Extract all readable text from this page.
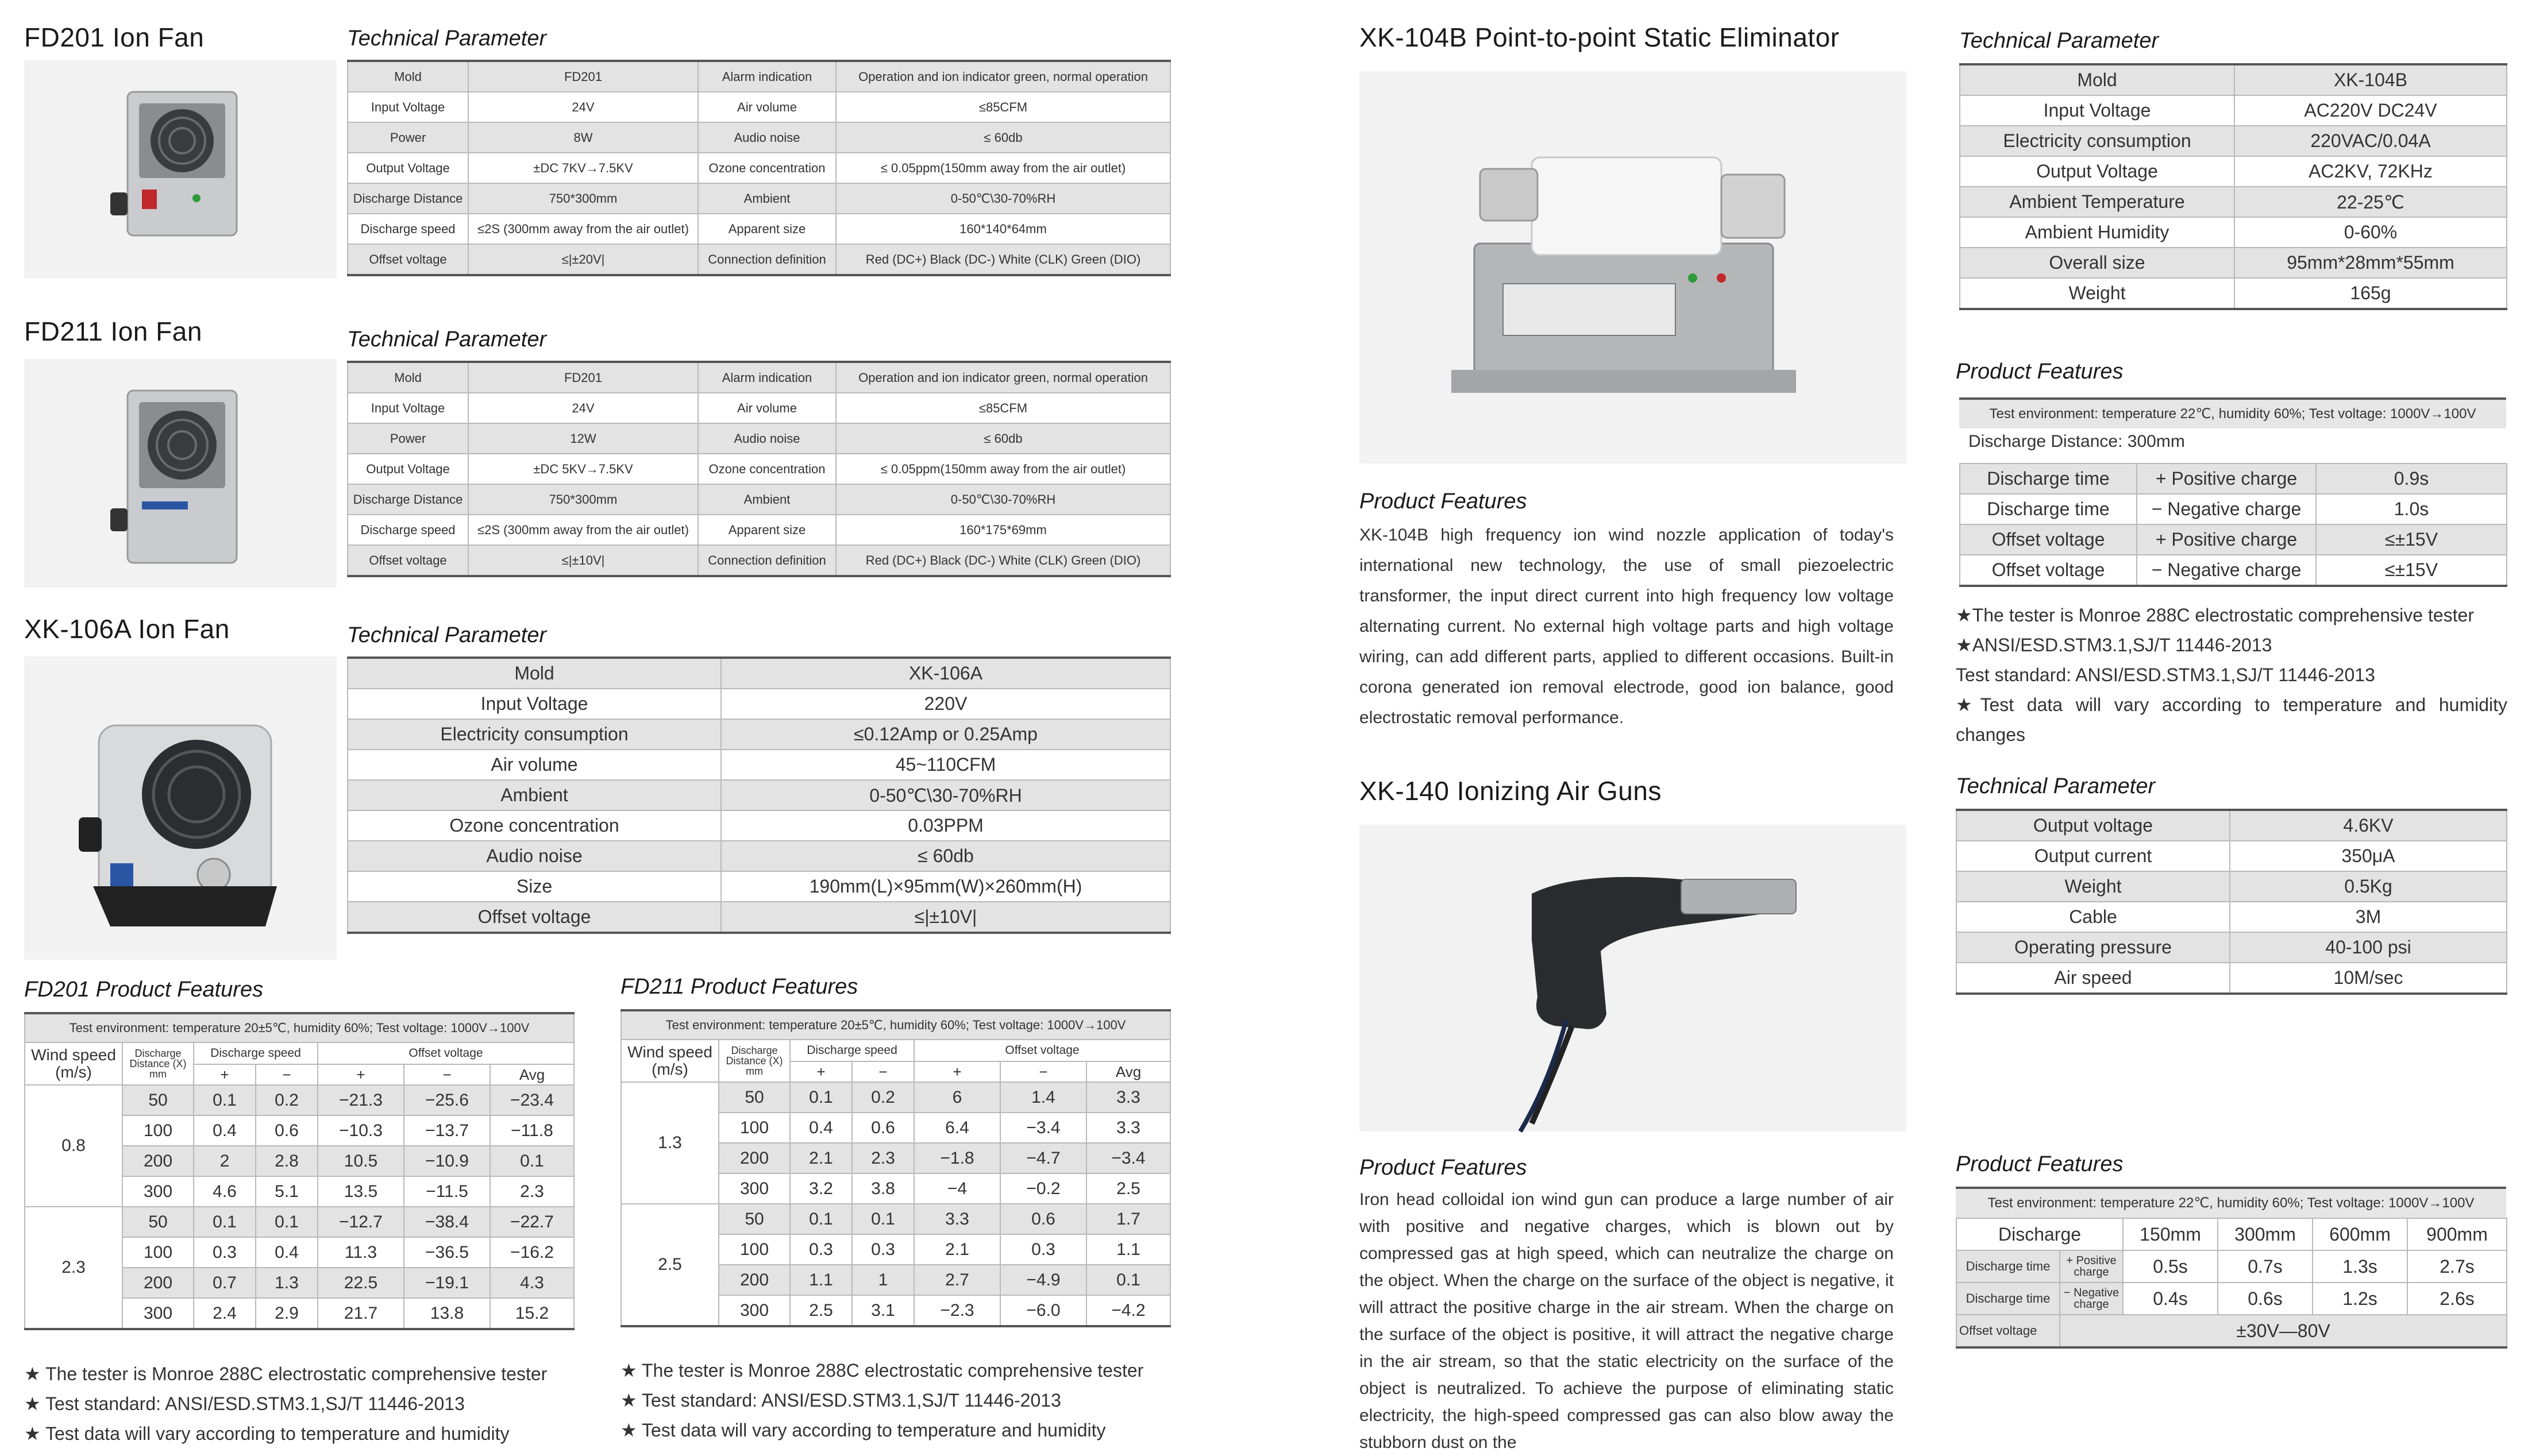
FD201 Ion Fan	Technical Parameter
Mold	FD201	Alarm indication	Operation and ion indicator green, normal operation
Input Voltage	24V	Air volume	≤85CFM
Power	8W	Audio noise	≤ 60db
Output Voltage	±DC 7KV→7.5KV	Ozone concentration	≤ 0.05ppm(150mm away from the air outlet)
Discharge Distance	750*300mm	Ambient	0-50℃\30-70%RH
Discharge speed	≤2S (300mm away from the air outlet)	Apparent size	160*140*64mm
Offset voltage	≤|±20V|	Connection definition	Red (DC+) Black (DC-) White (CLK) Green (DIO)
FD211 Ion Fan	Technical Parameter
Mold	FD201	Alarm indication	Operation and ion indicator green, normal operation
Input Voltage	24V	Air volume	≤85CFM
Power	12W	Audio noise	≤ 60db
Output Voltage	±DC 5KV→7.5KV	Ozone concentration	≤ 0.05ppm(150mm away from the air outlet)
Discharge Distance	750*300mm	Ambient	0-50℃\30-70%RH
Discharge speed	≤2S (300mm away from the air outlet)	Apparent size	160*175*69mm
Offset voltage	≤|±10V|	Connection definition	Red (DC+) Black (DC-) White (CLK) Green (DIO)
XK-106A Ion Fan	Technical Parameter
Mold	XK-106A
Input Voltage	220V
Electricity consumption	≤0.12Amp or 0.25Amp
Air volume	45~110CFM
Ambient	0-50℃\30-70%RH
Ozone concentration	0.03PPM
Audio noise	≤ 60db
Size	190mm(L)×95mm(W)×260mm(H)
Offset voltage	≤|±10V|
FD201 Product Features
Test environment: temperature 20±5℃, humidity 60%; Test voltage: 1000V→100V						
Wind speed (m/s)	Discharge Distance (X) mm	Discharge speed		Offset voltage		
		+	−	+	−	Avg
0.8	50	0.1	0.2	−21.3	−25.6	−23.4
	100	0.4	0.6	−10.3	−13.7	−11.8
	200	2	2.8	10.5	−10.9	0.1
	300	4.6	5.1	13.5	−11.5	2.3
2.3	50	0.1	0.1	−12.7	−38.4	−22.7
	100	0.3	0.4	11.3	−36.5	−16.2
	200	0.7	1.3	22.5	−19.1	4.3
	300	2.4	2.9	21.7	13.8	15.2
★ The tester is Monroe 288C electrostatic comprehensive tester
★ Test standard: ANSI/ESD.STM3.1,SJ/T 11446-2013
★ Test data will vary according to temperature and humidity
FD211 Product Features
Test environment: temperature 20±5℃, humidity 60%; Test voltage: 1000V→100V						
Wind speed (m/s)	Discharge Distance (X) mm	Discharge speed		Offset voltage		
		+	−	+	−	Avg
1.3	50	0.1	0.2	6	1.4	3.3
	100	0.4	0.6	6.4	−3.4	3.3
	200	2.1	2.3	−1.8	−4.7	−3.4
	300	3.2	3.8	−4	−0.2	2.5
2.5	50	0.1	0.1	3.3	0.6	1.7
	100	0.3	0.3	2.1	0.3	1.1
	200	1.1	1	2.7	−4.9	0.1
	300	2.5	3.1	−2.3	−6.0	−4.2
★ The tester is Monroe 288C electrostatic comprehensive tester
★ Test standard: ANSI/ESD.STM3.1,SJ/T 11446-2013
★ Test data will vary according to temperature and humidity
XK-104B Point-to-point Static Eliminator	Technical Parameter
Mold	XK-104B
Input Voltage	AC220V DC24V
Electricity consumption	220VAC/0.04A
Output Voltage	AC2KV, 72KHz
Ambient Temperature	22-25℃
Ambient Humidity	0-60%
Overall size	95mm*28mm*55mm
Weight	165g
Product Features
XK-104B high frequency ion wind nozzle application of today's international new technology, the use of small piezoelectric transformer, the input direct current into high frequency low voltage alternating current. No external high voltage parts and high voltage wiring, can add different parts, applied to different occasions. Built-in corona generated ion removal electrode, good ion balance, good electrostatic removal performance.
Product Features
Test environment: temperature 22℃, humidity 60%; Test voltage: 1000V→100V
Discharge Distance: 300mm
Discharge time	+ Positive charge	0.9s
Discharge time	− Negative charge	1.0s
Offset voltage	+ Positive charge	≤±15V
Offset voltage	− Negative charge	≤±15V
★The tester is Monroe 288C electrostatic comprehensive tester
★ANSI/ESD.STM3.1,SJ/T 11446-2013
Test standard: ANSI/ESD.STM3.1,SJ/T 11446-2013
★Test data will vary according to temperature and humidity changes
XK-140 Ionizing Air Guns	Technical Parameter
Output voltage	4.6KV
Output current	350μA
Weight	0.5Kg
Cable	3M
Operating pressure	40-100 psi
Air speed	10M/sec
Product Features
Iron head colloidal ion wind gun can produce a large number of air with positive and negative charges, which is blown out by compressed gas at high speed, which can neutralize the charge on the object. When the charge on the surface of the object is negative, it will attract the positive charge in the air stream. When the charge on the surface of the object is positive, it will attract the negative charge in the air stream, so that the static electricity on the surface of the object is neutralized. To achieve the purpose of eliminating static electricity, the high-speed compressed gas can also blow away the stubborn dust on the
Product Features
Test environment: temperature 22℃, humidity 60%; Test voltage: 1000V→100V
Discharge		150mm	300mm	600mm	900mm
Discharge time	+ Positive charge	0.5s	0.7s	1.3s	2.7s
Discharge time	− Negative charge	0.4s	0.6s	1.2s	2.6s
Offset voltage	±30V—80V				
